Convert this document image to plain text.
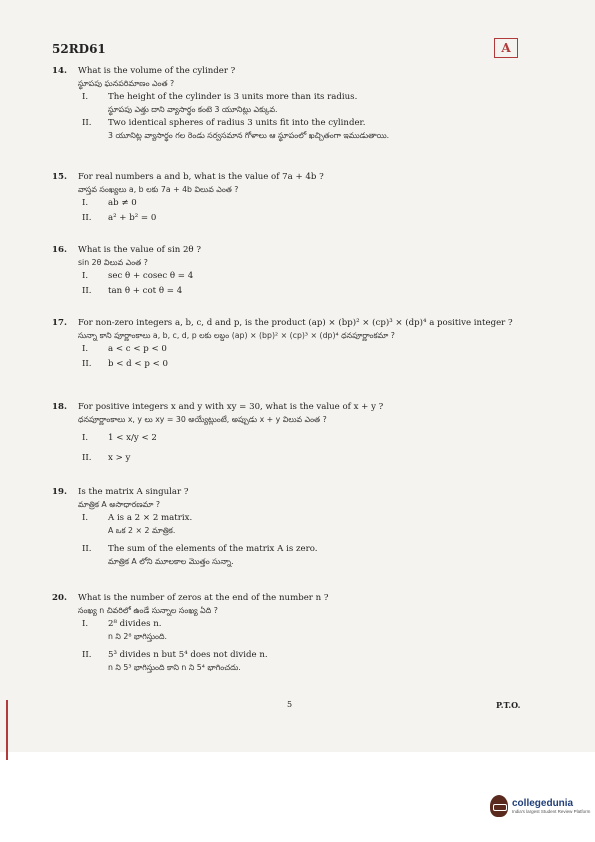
52RD61	A
14. What is the volume of the cylinder ?
స్థూపపు ఘనపరిమాణం ఎంత ?
I. The height of the cylinder is 3 units more than its radius.
స్థూపపు ఎత్తు దాని వ్యాసార్థం కంటె 3 యూనిట్లు ఎక్కువ.
II. Two identical spheres of radius 3 units fit into the cylinder.
3 యూనిట్ల వ్యాసార్థం గల రెండు సర్వసమాన గోళాలు ఆ స్థూపంలో ఖచ్చితంగా ఇముడుతాయి.
15. For real numbers a and b, what is the value of 7a + 4b ?
వాస్తవ సంఖ్యలు a, b లకు 7a + 4b విలువ ఎంత ?
I. ab ≠ 0
II. a² + b² = 0
16. What is the value of sin 2θ ?
sin 2θ విలువ ఎంత ?
I. sec θ + cosec θ = 4
II. tan θ + cot θ = 4
17. For non-zero integers a, b, c, d and p, is the product (ap) × (bp)² × (cp)³ × (dp)⁴ a positive integer ?
సున్నా కాని పూర్ణాంకాలు a, b, c, d, p లకు లబ్దం (ap) × (bp)² × (cp)³ × (dp)⁴ ధనపూర్ణాంకమా ?
I. a < c < p < 0
II. b < d < p < 0
18. For positive integers x and y with xy = 30, what is the value of x + y ?
ధనపూర్ణాంకాలు x, y లు xy = 30 అయ్యేట్లుంటే, అప్పుడు x + y విలువ ఎంత ?
I. 1 < x/y < 2
II. x > y
19. Is the matrix A singular ?
మాత్రిక A అసాధారణమా ?
I. A is a 2 × 2 matrix.
A ఒక 2 × 2 మాత్రిక.
II. The sum of the elements of the matrix A is zero.
మాత్రిక A లోని మూలకాల మొత్తం సున్నా.
20. What is the number of zeros at the end of the number n ?
సంఖ్య n చివరిలో ఉండే సున్నాల సంఖ్య ఏది ?
I. 2⁸ divides n.
n ని 2⁸ భాగిస్తుంది.
II. 5³ divides n but 5⁴ does not divide n.
n ని 5³ భాగిస్తుంది కాని n ని 5⁴ భాగించదు.
5	P.T.O.
collegedunia
India's largest Student Review Platform
